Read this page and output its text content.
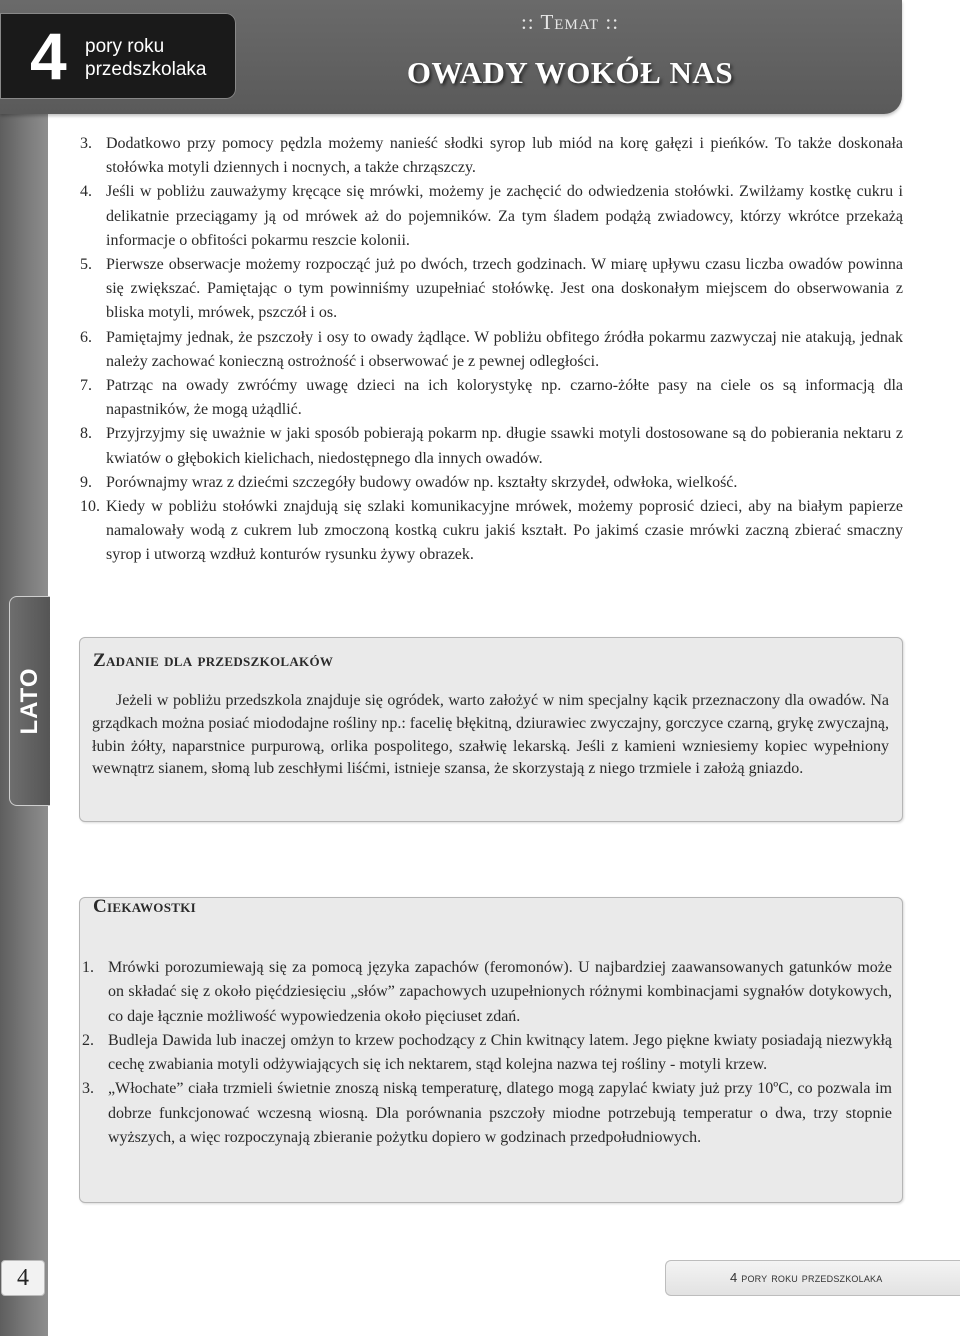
4 pory roku
przedszkolaka
:: Temat ::
OWADY WOKÓŁ NAS
3. Dodatkowo przy pomocy pędzla możemy nanieść słodki syrop lub miód na korę gałęzi i pieńków. To także doskonała stołówka motyli dziennych i nocnych, a także chrząszczy.
4. Jeśli w pobliżu zauważymy kręcące się mrówki, możemy je zachęcić do odwiedzenia stołówki. Zwilżamy kostkę cukru i delikatnie przeciągamy ją od mrówek aż do pojemników. Za tym śladem podążą zwiadowcy, którzy wkrótce przekażą informacje o obfitości pokarmu reszcie kolonii.
5. Pierwsze obserwacje możemy rozpocząć już po dwóch, trzech godzinach. W miarę upływu czasu liczba owadów powinna się zwiększać. Pamiętając o tym powinniśmy uzupełniać stołówkę. Jest ona doskonałym miejscem do obserwowania z bliska motyli, mrówek, pszczół i os.
6. Pamiętajmy jednak, że pszczoły i osy to owady żądlące. W pobliżu obfitego źródła pokarmu zazwyczaj nie atakują, jednak należy zachować konieczną ostrożność i obserwować je z pewnej odległości.
7. Patrząc na owady zwróćmy uwagę dzieci na ich kolorystykę np. czarno-żółte pasy na ciele os są informacją dla napastników, że mogą użądlić.
8. Przyjrzyjmy się uważnie w jaki sposób pobierają pokarm np. długie ssawki motyli dostosowane są do pobierania nektaru z kwiatów o głębokich kielichach, niedostępnego dla innych owadów.
9. Porównajmy wraz z dziećmi szczegóły budowy owadów np. kształty skrzydeł, odwłoka, wielkość.
10. Kiedy w pobliżu stołówki znajdują się szlaki komunikacyjne mrówek, możemy poprosić dzieci, aby na białym papierze namalowały wodą z cukrem lub zmoczoną kostką cukru jakiś kształt. Po jakimś czasie mrówki zaczną zbierać smaczny syrop i utworzą wzdłuż konturów rysunku żywy obrazek.
LATO
Zadanie dla przedszkolaków

Jeżeli w pobliżu przedszkola znajduje się ogródek, warto założyć w nim specjalny kącik przeznaczony dla owadów. Na grządkach można posiać miododajne rośliny np.: facelię błękitną, dziurawiec zwyczajny, gorczyce czarną, grykę zwyczajną, łubin żółty, naparstnice purpurową, orlika pospolitego, szałwię lekarską. Jeśli z kamieni wzniesiemy kopiec wypełniony wewnątrz sianem, słomą lub zeschłymi liśćmi, istnieje szansa, że skorzystają z niego trzmiele i założą gniazdo.

Ciekawostki
1. Mrówki porozumiewają się za pomocą języka zapachów (feromonów). U najbardziej zaawansowanych gatunków może on składać się z około pięćdziesięciu „słów” zapachowych uzupełnionych różnymi kombinacjami sygnałów dotykowych, co daje łącznie możliwość wypowiedzenia około pięciuset zdań.
2. Budleja Dawida lub inaczej omżyn to krzew pochodzący z Chin kwitnący latem. Jego piękne kwiaty posiadają niezwykłą cechę zwabiania motyli odżywiających się ich nektarem, stąd kolejna nazwa tej rośliny - motyli krzew.
3. „Włochate” ciała trzmieli świetnie znoszą niską temperaturę, dlatego mogą zapylać kwiaty już przy 10ºC, co pozwala im dobrze funkcjonować wczesną wiosną. Dla porównania pszczoły miodne potrzebują temperatur o dwa, trzy stopnie wyższych, a więc rozpoczynają zbieranie pożytku dopiero w godzinach przedpołudniowych.
4	4 pory roku przedszkolaka
